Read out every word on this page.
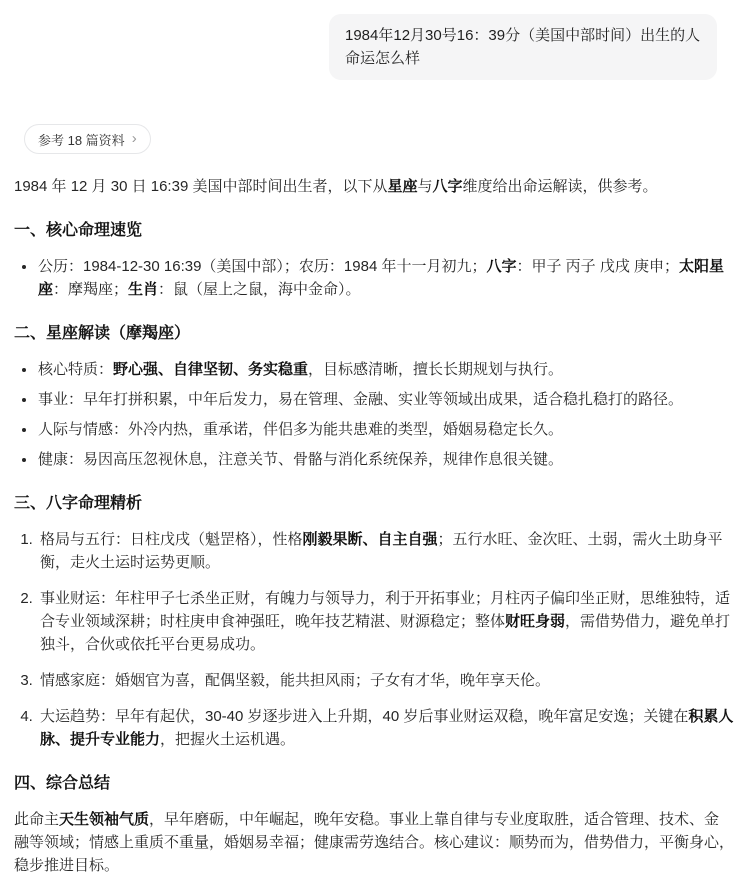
1984年12月30号16：39分（美国中部时间）出生的人 命运怎么样
参考 18 篇资料 ›

1984 年 12 月 30 日 16:39 美国中部时间出生者，以下从星座与八字维度给出命运解读，供参考。

一、核心命理速览
• 公历：1984-12-30 16:39（美国中部）；农历：1984 年十一月初九；八字：甲子 丙子 戊戌 庚申；太阳星座：摩羯座；生肖：鼠（屋上之鼠，海中金命）。
二、星座解读（摩羯座）
• 核心特质：野心强、自律坚韧、务实稳重，目标感清晰，擅长长期规划与执行。
• 事业：早年打拼积累，中年后发力，易在管理、金融、实业等领域出成果，适合稳扎稳打的路径。
• 人际与情感：外冷内热，重承诺，伴侣多为能共患难的类型，婚姻易稳定长久。
• 健康：易因高压忽视休息，注意关节、骨骼与消化系统保养，规律作息很关键。
三、八字命理精析
1. 格局与五行：日柱戊戌（魁罡格），性格刚毅果断、自主自强；五行水旺、金次旺、土弱，需火土助身平衡，走火土运时运势更顺。
2. 事业财运：年柱甲子七杀坐正财，有魄力与领导力，利于开拓事业；月柱丙子偏印坐正财，思维独特，适合专业领域深耕；时柱庚申食神强旺，晚年技艺精湛、财源稳定；整体财旺身弱，需借势借力，避免单打独斗，合伙或依托平台更易成功。
3. 情感家庭：婚姻官为喜，配偶坚毅，能共担风雨；子女有才华，晚年享天伦。
4. 大运趋势：早年有起伏，30-40 岁逐步进入上升期，40 岁后事业财运双稳，晚年富足安逸；关键在积累人脉、提升专业能力，把握火土运机遇。
四、综合总结

此命主天生领袖气质，早年磨砺，中年崛起，晚年安稳。事业上靠自律与专业度取胜，适合管理、技术、金融等领域；情感上重质不重量，婚姻易幸福；健康需劳逸结合。核心建议：顺势而为，借势借力，平衡身心，稳步推进目标。
